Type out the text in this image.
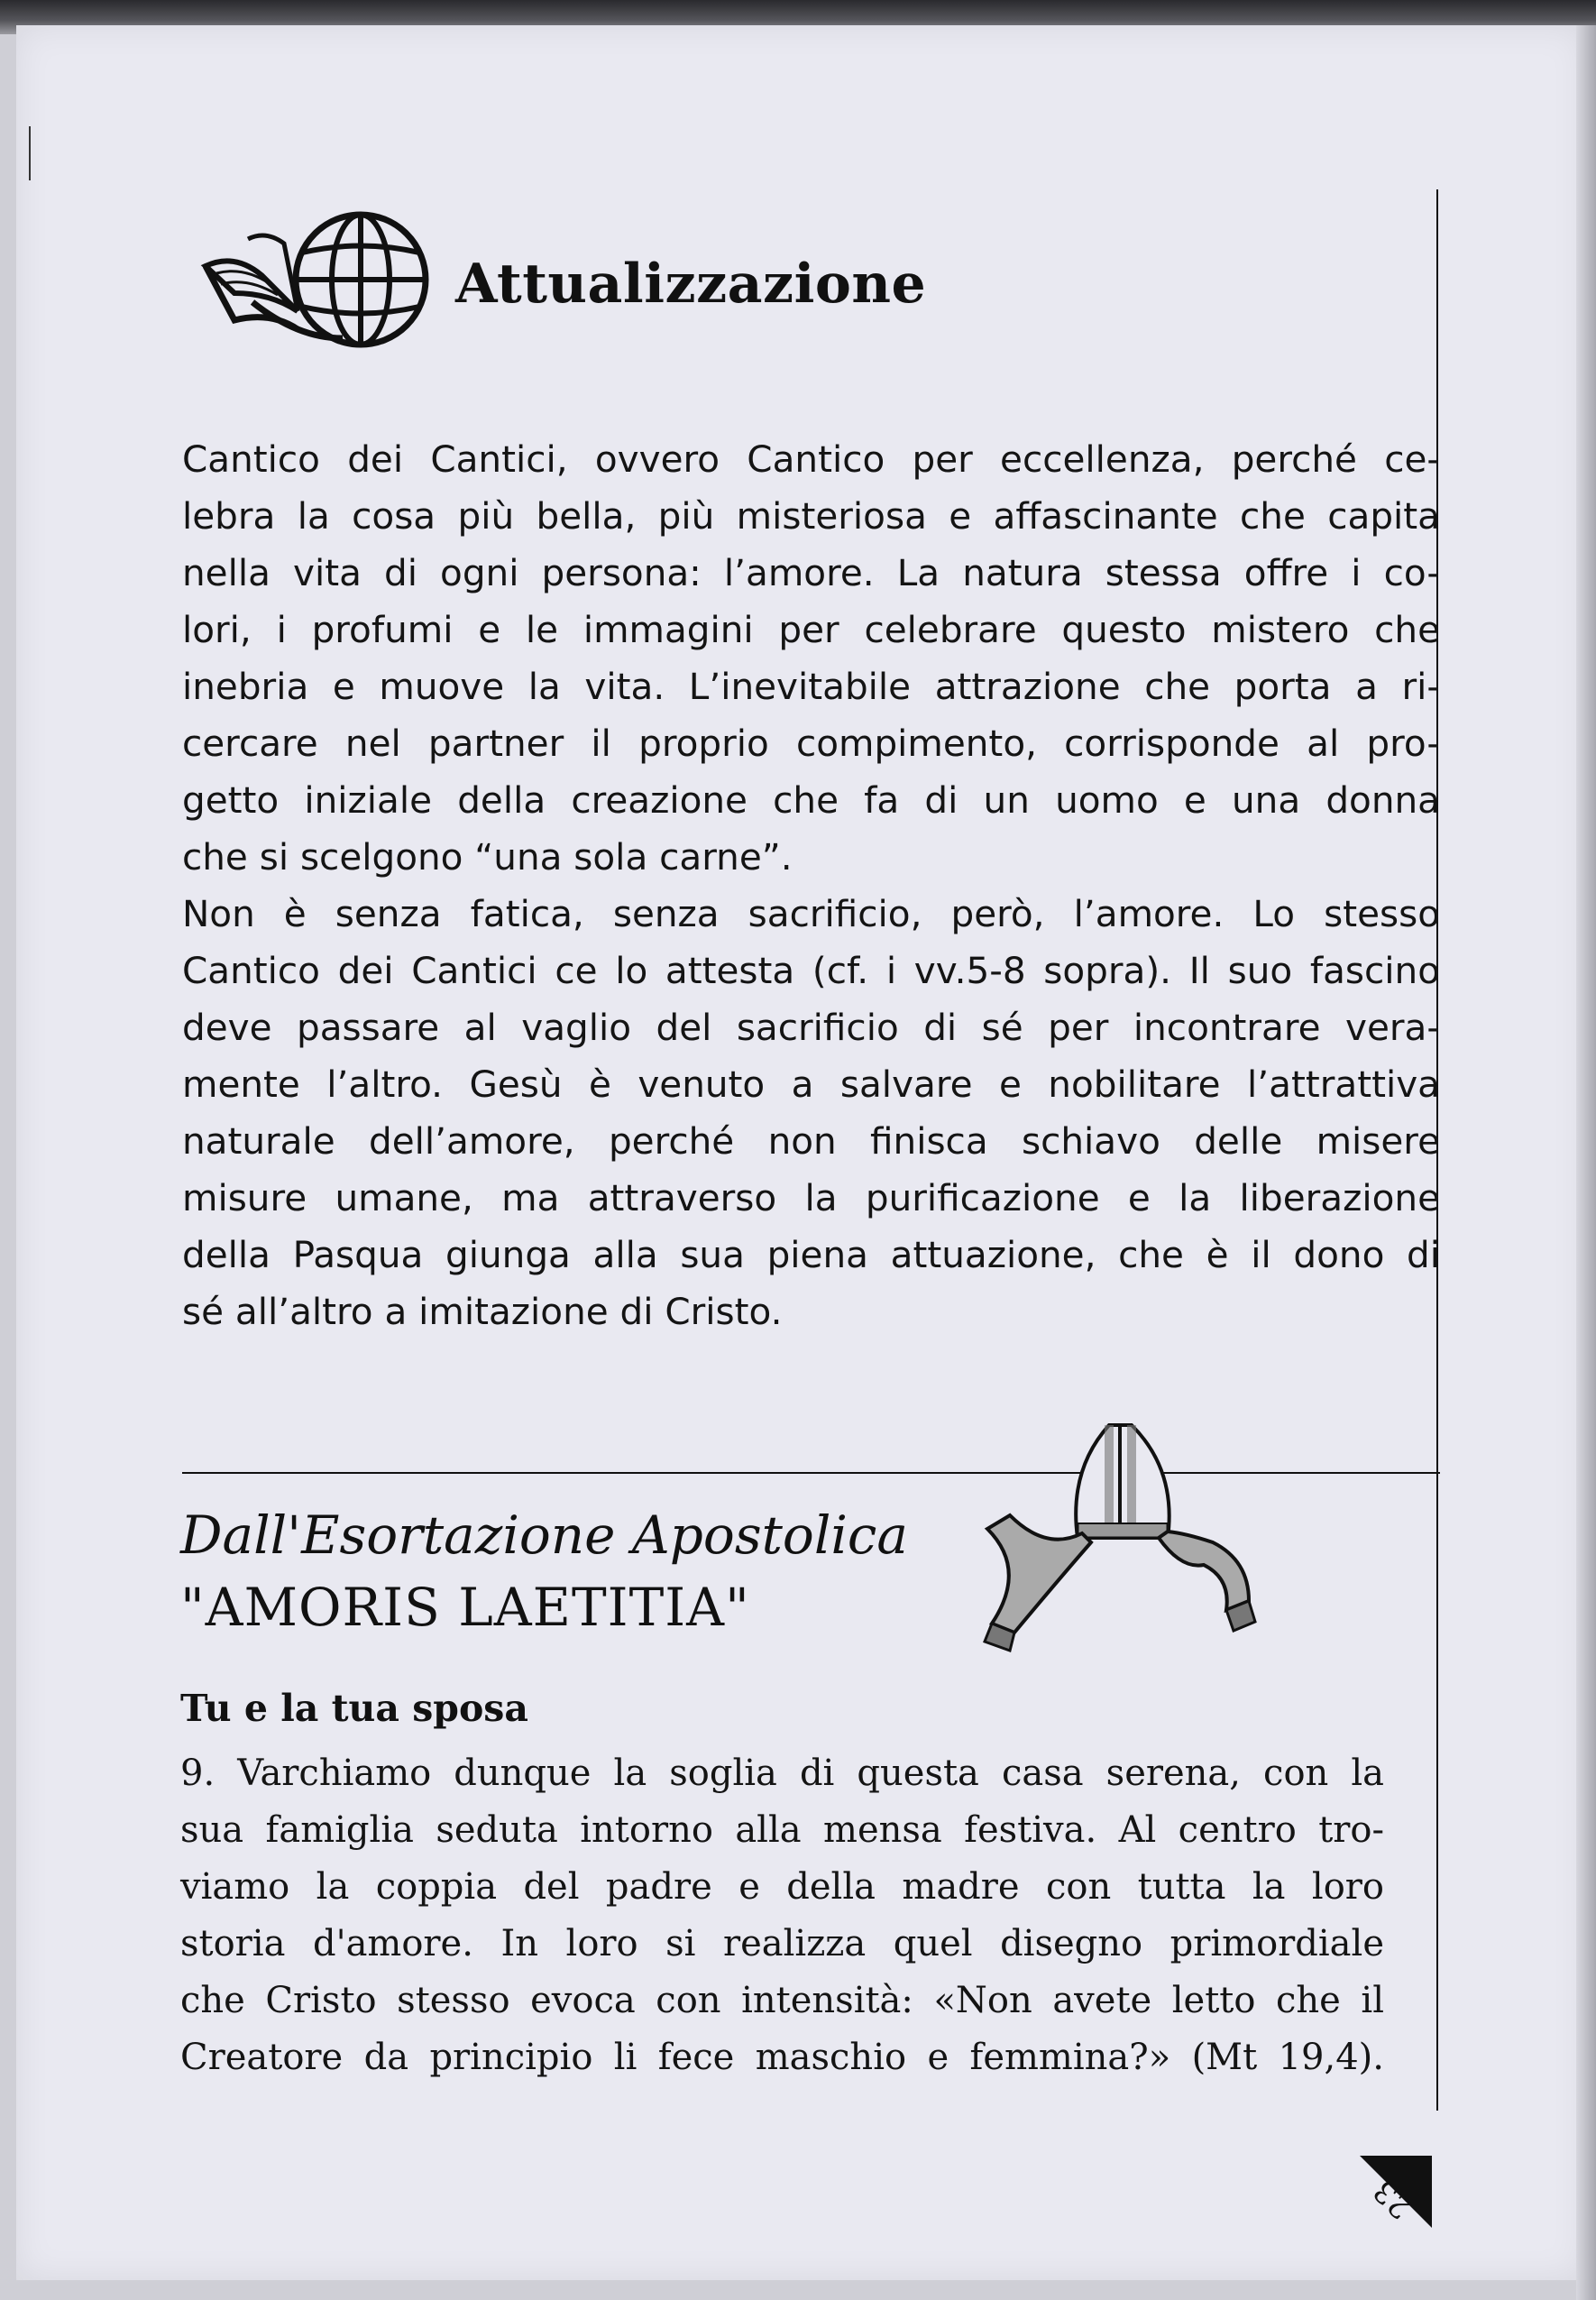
Attualizzazione
Cantico dei Cantici, ovvero Cantico per eccellenza, perché ce-
lebra la cosa più bella, più misteriosa e affascinante che capita
nella vita di ogni persona: l’amore. La natura stessa offre i co-
lori, i profumi e le immagini per celebrare questo mistero che
inebria e muove la vita. L’inevitabile attrazione che porta a ri-
cercare nel partner il proprio compimento, corrisponde al pro-
getto iniziale della creazione che fa di un uomo e una donna
che si scelgono “una sola carne”.
Non è senza fatica, senza sacrificio, però, l’amore. Lo stesso
Cantico dei Cantici ce lo attesta (cf. i vv.5-8 sopra). Il suo fascino
deve passare al vaglio del sacrificio di sé per incontrare vera-
mente l’altro. Gesù è venuto a salvare e nobilitare l’attrattiva
naturale dell’amore, perché non finisca schiavo delle misere
misure umane, ma attraverso la purificazione e la liberazione
della Pasqua giunga alla sua piena attuazione, che è il dono di
sé all’altro a imitazione di Cristo.
Dall'Esortazione Apostolica
"AMORIS LAETITIA"
Tu e la tua sposa
9. Varchiamo dunque la soglia di questa casa serena, con la
sua famiglia seduta intorno alla mensa festiva. Al centro tro-
viamo la coppia del padre e della madre con tutta la loro
storia d'amore. In loro si realizza quel disegno primordiale
che Cristo stesso evoca con intensità: «Non avete letto che il
Creatore da principio li fece maschio e femmina?» (Mt 19,4).
23
